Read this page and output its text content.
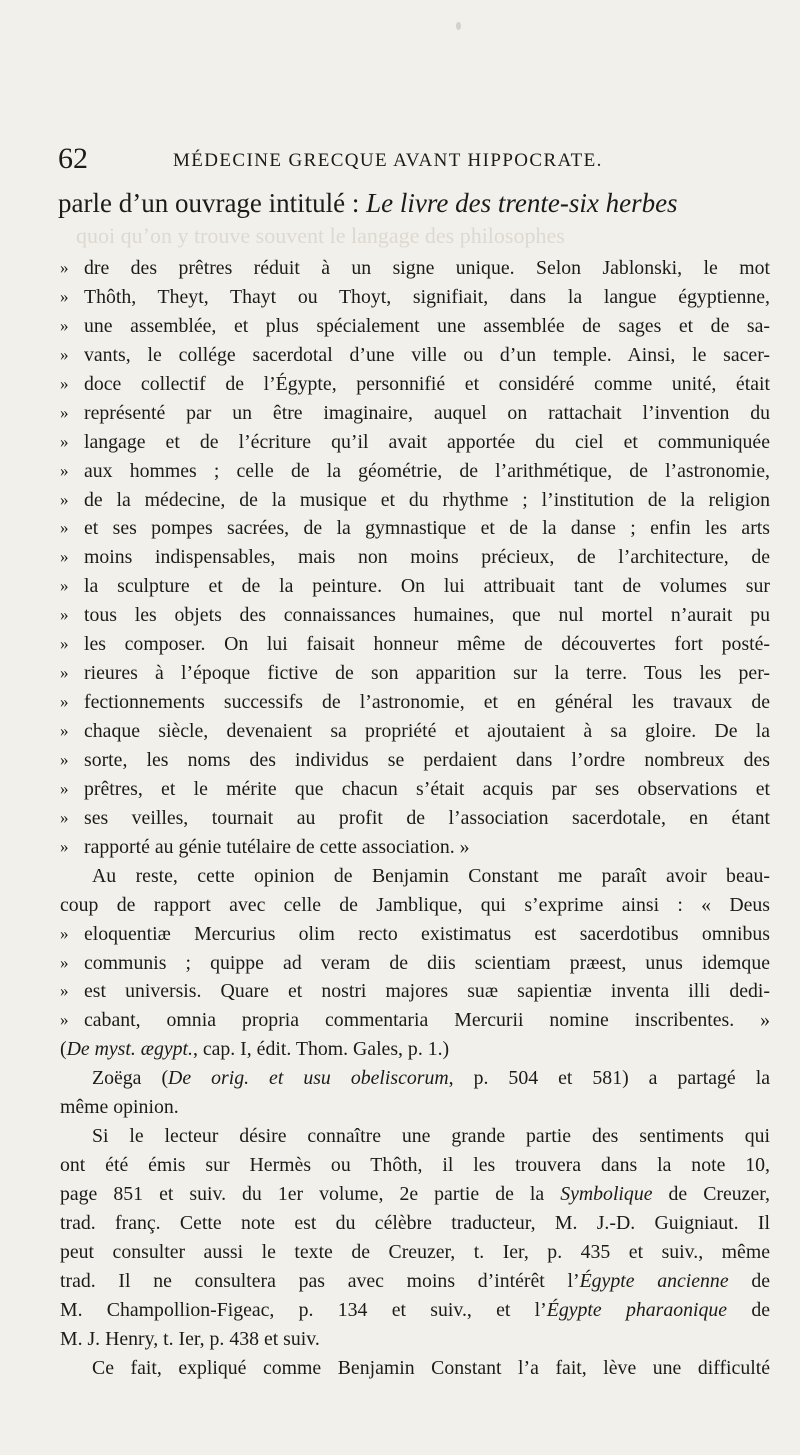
62	MÉDECINE GRECQUE AVANT HIPPOCRATE.
parle d’un ouvrage intitulé : Le livre des trente-six herbes
quoi qu’on y trouve souvent le langage des philosophes
» dre des prêtres réduit à un signe unique. Selon Jablonski, le mot
» Thôth, Theyt, Thayt ou Thoyt, signifiait, dans la langue égyptienne,
» une assemblée, et plus spécialement une assemblée de sages et de sa-
» vants, le collége sacerdotal d’une ville ou d’un temple. Ainsi, le sacer-
» doce collectif de l’Égypte, personnifié et considéré comme unité, était
» représenté par un être imaginaire, auquel on rattachait l’invention du
» langage et de l’écriture qu’il avait apportée du ciel et communiquée
» aux hommes ; celle de la géométrie, de l’arithmétique, de l’astronomie,
» de la médecine, de la musique et du rhythme ; l’institution de la religion
» et ses pompes sacrées, de la gymnastique et de la danse ; enfin les arts
» moins indispensables, mais non moins précieux, de l’architecture, de
» la sculpture et de la peinture. On lui attribuait tant de volumes sur
» tous les objets des connaissances humaines, que nul mortel n’aurait pu
» les composer. On lui faisait honneur même de découvertes fort posté-
» rieures à l’époque fictive de son apparition sur la terre. Tous les per-
» fectionnements successifs de l’astronomie, et en général les travaux de
» chaque siècle, devenaient sa propriété et ajoutaient à sa gloire. De la
» sorte, les noms des individus se perdaient dans l’ordre nombreux des
» prêtres, et le mérite que chacun s’était acquis par ses observations et
» ses veilles, tournait au profit de l’association sacerdotale, en étant
» rapporté au génie tutélaire de cette association. »
Au reste, cette opinion de Benjamin Constant me paraît avoir beau-
coup de rapport avec celle de Jamblique, qui s’exprime ainsi : « Deus
» eloquentiæ Mercurius olim recto existimatus est sacerdotibus omnibus
» communis ; quippe ad veram de diis scientiam præest, unus idemque
» est universis. Quare et nostri majores suæ sapientiæ inventa illi dedi-
» cabant, omnia propria commentaria Mercurii nomine inscribentes. »
(De myst. ægypt., cap. I, édit. Thom. Gales, p. 1.)
Zoëga (De orig. et usu obeliscorum, p. 504 et 581) a partagé la
même opinion.
Si le lecteur désire connaître une grande partie des sentiments qui
ont été émis sur Hermès ou Thôth, il les trouvera dans la note 10,
page 851 et suiv. du 1er volume, 2e partie de la Symbolique de Creuzer,
trad. franç. Cette note est du célèbre traducteur, M. J.-D. Guigniaut. Il
peut consulter aussi le texte de Creuzer, t. Ier, p. 435 et suiv., même
trad. Il ne consultera pas avec moins d’intérêt l’Égypte ancienne de
M. Champollion-Figeac, p. 134 et suiv., et l’Égypte pharaonique de
M. J. Henry, t. Ier, p. 438 et suiv.
Ce fait, expliqué comme Benjamin Constant l’a fait, lève une difficulté
